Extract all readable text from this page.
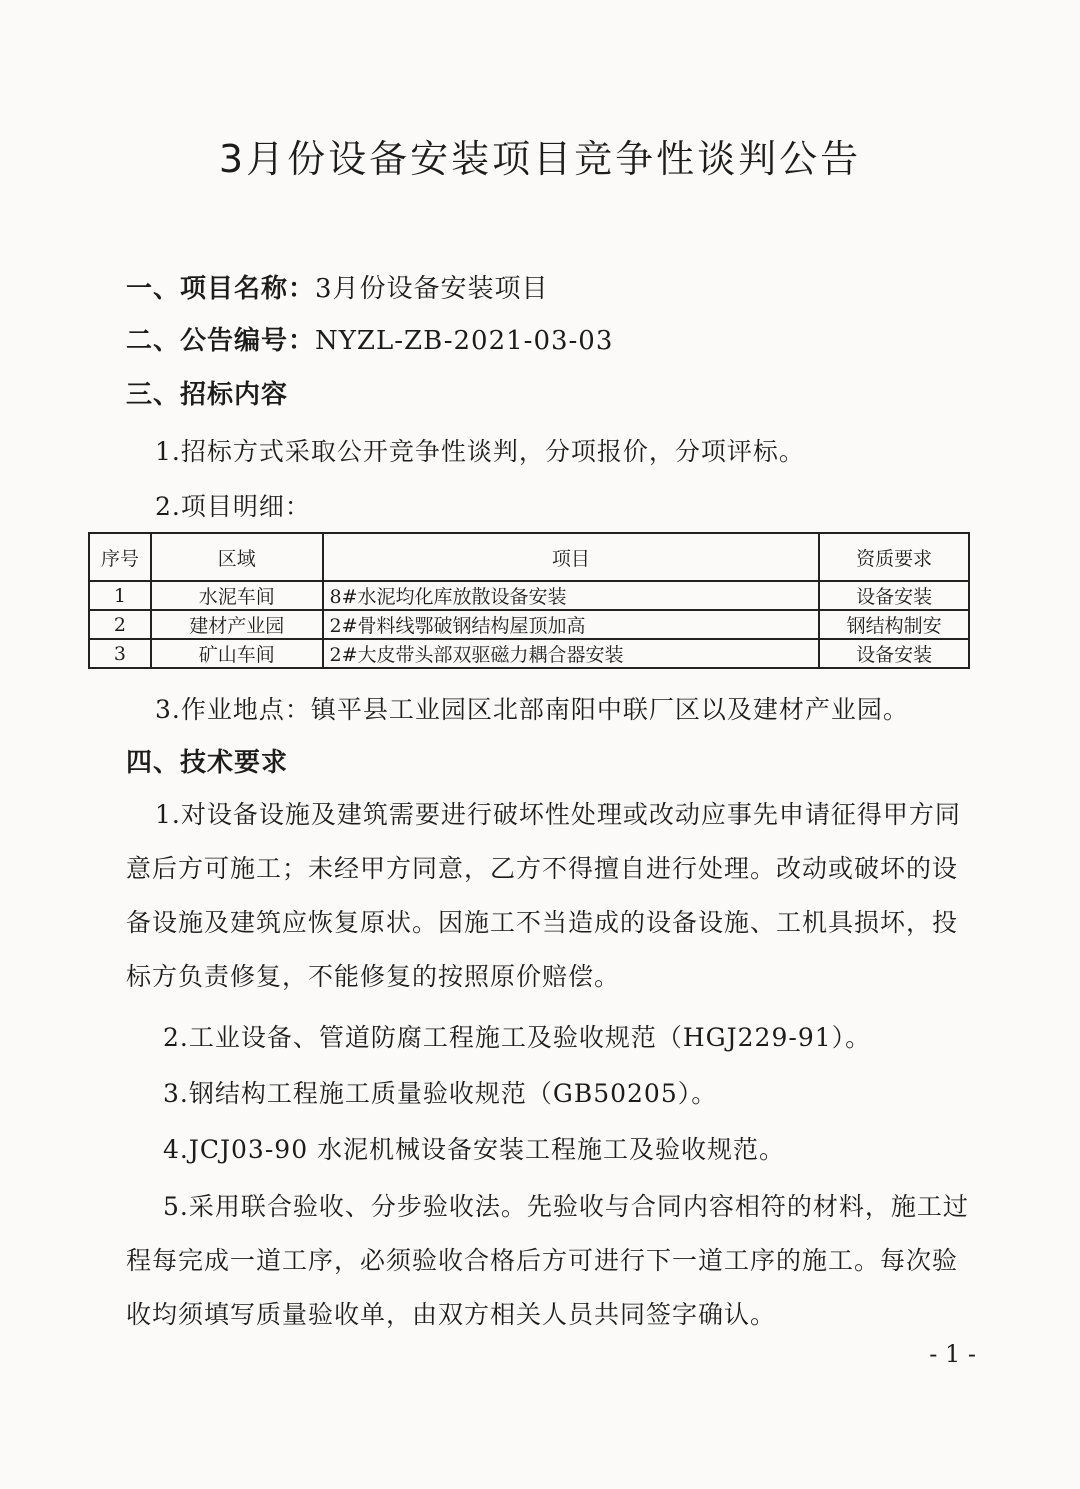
3月份设备安装项目竞争性谈判公告
一、项目名称：3月份设备安装项目
二、公告编号：NYZL-ZB-2021-03-03
三、招标内容
1.招标方式采取公开竞争性谈判，分项报价，分项评标。
2.项目明细：
序号	区域	项目	资质要求
1	水泥车间	8#水泥均化库放散设备安装	设备安装
2	建材产业园	2#骨料线鄂破钢结构屋顶加高	钢结构制安
3	矿山车间	2#大皮带头部双驱磁力耦合器安装	设备安装
3.作业地点：镇平县工业园区北部南阳中联厂区以及建材产业园。
四、技术要求
1.对设备设施及建筑需要进行破坏性处理或改动应事先申请征得甲方同意后方可施工；未经甲方同意，乙方不得擅自进行处理。改动或破坏的设备设施及建筑应恢复原状。因施工不当造成的设备设施、工机具损坏，投标方负责修复，不能修复的按照原价赔偿。
2.工业设备、管道防腐工程施工及验收规范（HGJ229-91）。
3.钢结构工程施工质量验收规范（GB50205）。
4.JCJ03-90 水泥机械设备安装工程施工及验收规范。
5.采用联合验收、分步验收法。先验收与合同内容相符的材料，施工过程每完成一道工序，必须验收合格后方可进行下一道工序的施工。每次验收均须填写质量验收单，由双方相关人员共同签字确认。
- 1 -
